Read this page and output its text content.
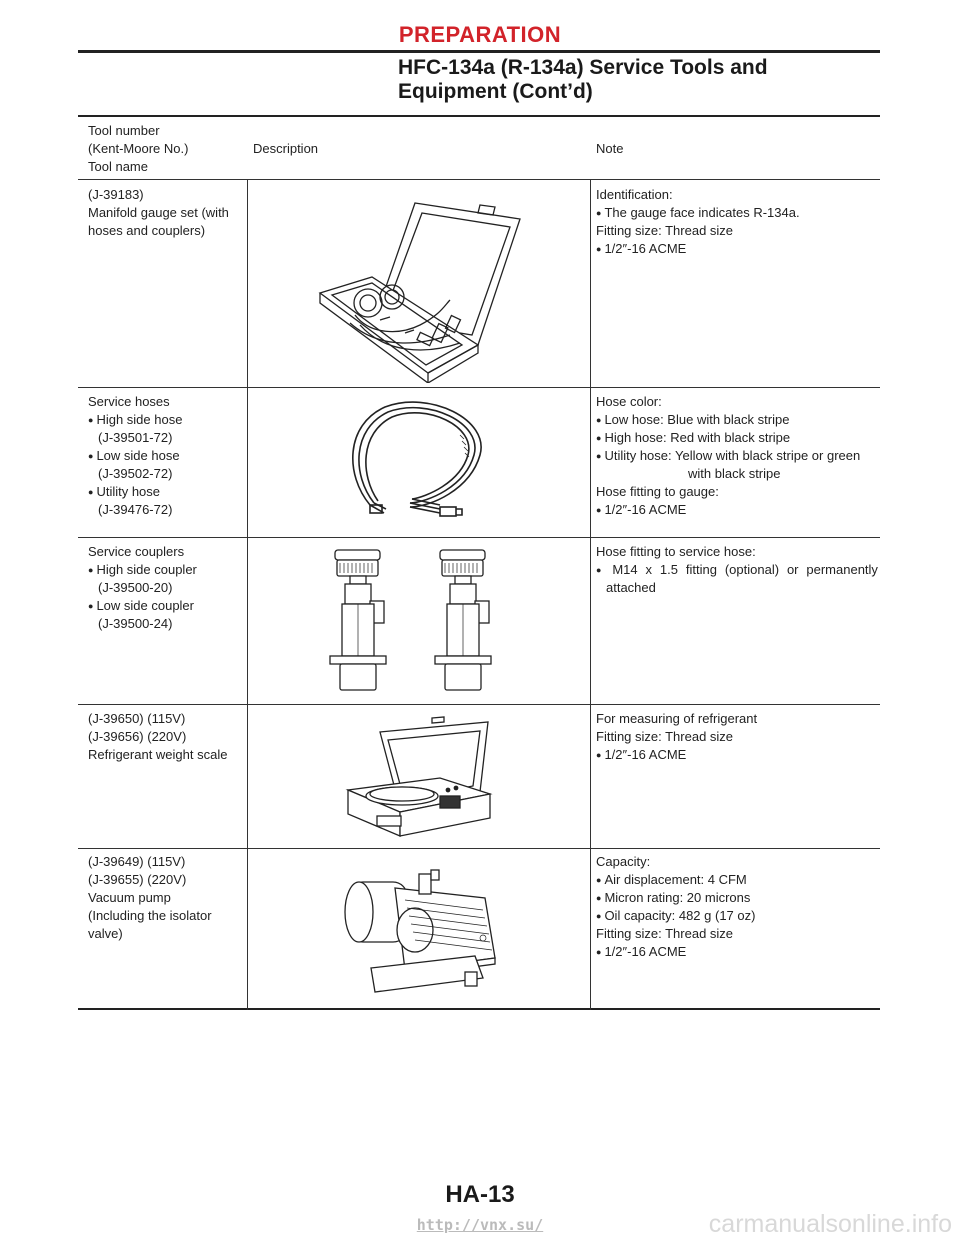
PREPARATION
HFC-134a (R-134a) Service Tools and
Equipment (Cont’d)
Tool number
(Kent-Moore No.)
Tool name
Description	Note
(J-39183)
Manifold gauge set (with
hoses and couplers)
Identification:
● The gauge face indicates R-134a.
Fitting size: Thread size
● 1/2″-16 ACME
Service hoses
● High side hose
(J-39501-72)
● Low side hose
(J-39502-72)
● Utility hose
(J-39476-72)
Hose color:
● Low hose: Blue with black stripe
● High hose: Red with black stripe
● Utility hose: Yellow with black stripe or green
with black stripe
Hose fitting to gauge:
● 1/2″-16 ACME
Service couplers
● High side coupler
(J-39500-20)
● Low side coupler
(J-39500-24)
Hose fitting to service hose:
● M14 x 1.5 fitting (optional) or permanently
attached
(J-39650) (115V)
(J-39656) (220V)
Refrigerant weight scale
For measuring of refrigerant
Fitting size: Thread size
● 1/2″-16 ACME
(J-39649) (115V)
(J-39655) (220V)
Vacuum pump
(Including the isolator
valve)
Capacity:
● Air displacement: 4 CFM
● Micron rating: 20 microns
● Oil capacity: 482 g (17 oz)
Fitting size: Thread size
● 1/2″-16 ACME
HA-13
http://vnx.su/	carmanualsonline.info
